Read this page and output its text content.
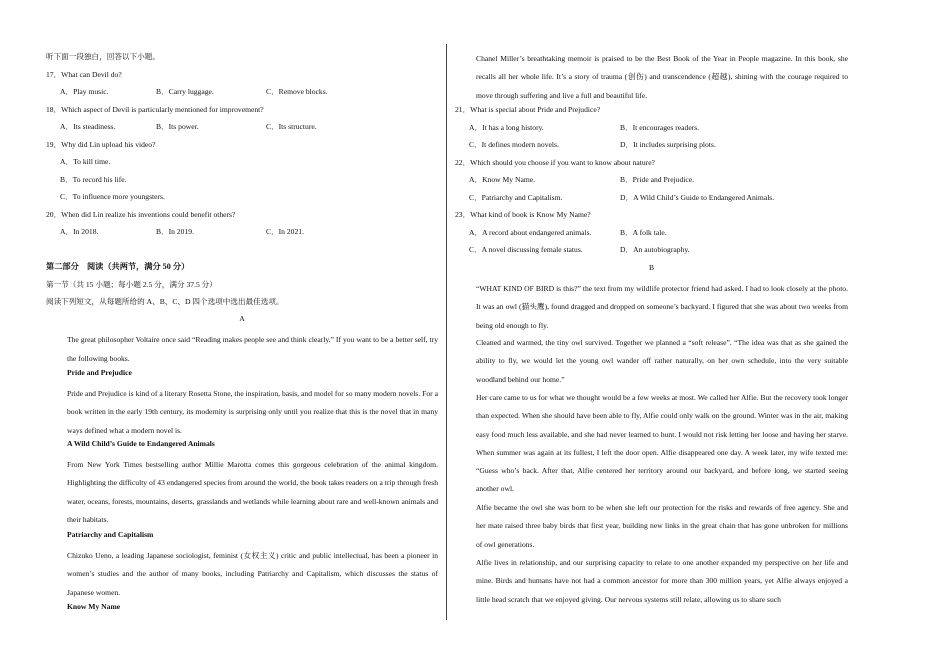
听下面一段独白，回答以下小题。
17．What can Devil do?
A．Play music.	B．Carry luggage.	C．Remove blocks.
18．Which aspect of Devil is particularly mentioned for improvement?
A．Its steadiness.	B．Its power.	C．Its structure.
19．Why did Lin upload his video?
A．To kill time.
B．To record his life.
C．To influence more youngsters.
20．When did Lin realize his inventions could benefit others?
A．In 2018.	B．In 2019.	C．In 2021.
第二部分　阅读（共两节，满分 50 分）
第一节（共 15 小题；每小题 2.5 分，满分 37.5 分）
阅读下列短文，从每题所给的 A、B、C、D 四个选项中选出最佳选项。
A
The great philosopher Voltaire once said “Reading makes people see and think clearly.” If you want to be a better self, try the following books.
Pride and Prejudice
Pride and Prejudice is kind of a literary Rosetta Stone, the inspiration, basis, and model for so many modern novels. For a book written in the early 19th century, its modernity is surprising only until you realize that this is the novel that in many ways defined what a modern novel is.
A Wild Child’s Guide to Endangered Animals
From New York Times bestselling author Millie Marotta comes this gorgeous celebration of the animal kingdom. Highlighting the difficulty of 43 endangered species from around the world, the book takes readers on a trip through fresh water, oceans, forests, mountains, deserts, grasslands and wetlands while learning about rare and well-known animals and their habitats.
Patriarchy and Capitalism
Chizuko Ueno, a leading Japanese sociologist, feminist (女权主义) critic and public intellectual, has been a pioneer in women’s studies and the author of many books, including Patriarchy and Capitalism, which discusses the status of Japanese women.
Know My Name
Chanel Miller’s breathtaking memoir is praised to be the Best Book of the Year in People magazine. In this book, she recalls all her whole life. It’s a story of trauma (创伤) and transcendence (超越), shining with the courage required to move through suffering and live a full and beautiful life.
21．What is special about Pride and Prejudice?
A．It has a long history.	B．It encourages readers.
C．It defines modern novels.	D．It includes surprising plots.
22．Which should you choose if you want to know about nature?
A．Know My Name.	B．Pride and Prejudice.
C．Patriarchy and Capitalism.	D．A Wild Child’s Guide to Endangered Animals.
23．What kind of book is Know My Name?
A．A record about endangered animals.	B．A folk tale.
C．A novel discussing female status.	D．An autobiography.
B
“WHAT KIND OF BIRD is this?” the text from my wildlife protector friend had asked. I had to look closely at the photo. It was an owl (猫头鹰), found dragged and dropped on someone’s backyard. I figured that she was about two weeks from being old enough to fly.
Cleaned and warmed, the tiny owl survived. Together we planned a “soft release”. “The idea was that as she gained the ability to fly, we would let the young owl wander off rather naturally, on her own schedule, into the very suitable woodland behind our home.”
Her care came to us for what we thought would be a few weeks at most. We called her Alfie. But the recovery took longer than expected. When she should have been able to fly, Alfie could only walk on the ground. Winter was in the air, making easy food much less available, and she had never learned to hunt. I would not risk letting her loose and having her starve. When summer was again at its fullest, I left the door open. Alfie disappeared one day. A week later, my wife texted me: “Guess who’s back. After that, Alfie centered her territory around our backyard, and before long, we started seeing another owl.
Alfie became the owl she was born to be when she left our protection for the risks and rewards of free agency. She and her mate raised three baby birds that first year, building new links in the great chain that has gone unbroken for millions of owl generations.
Alfie lives in relationship, and our surprising capacity to relate to one another expanded my perspective on her life and mine. Birds and humans have not had a common ancestor for more than 300 million years, yet Alfie always enjoyed a little head scratch that we enjoyed giving. Our nervous systems still relate, allowing us to share such
